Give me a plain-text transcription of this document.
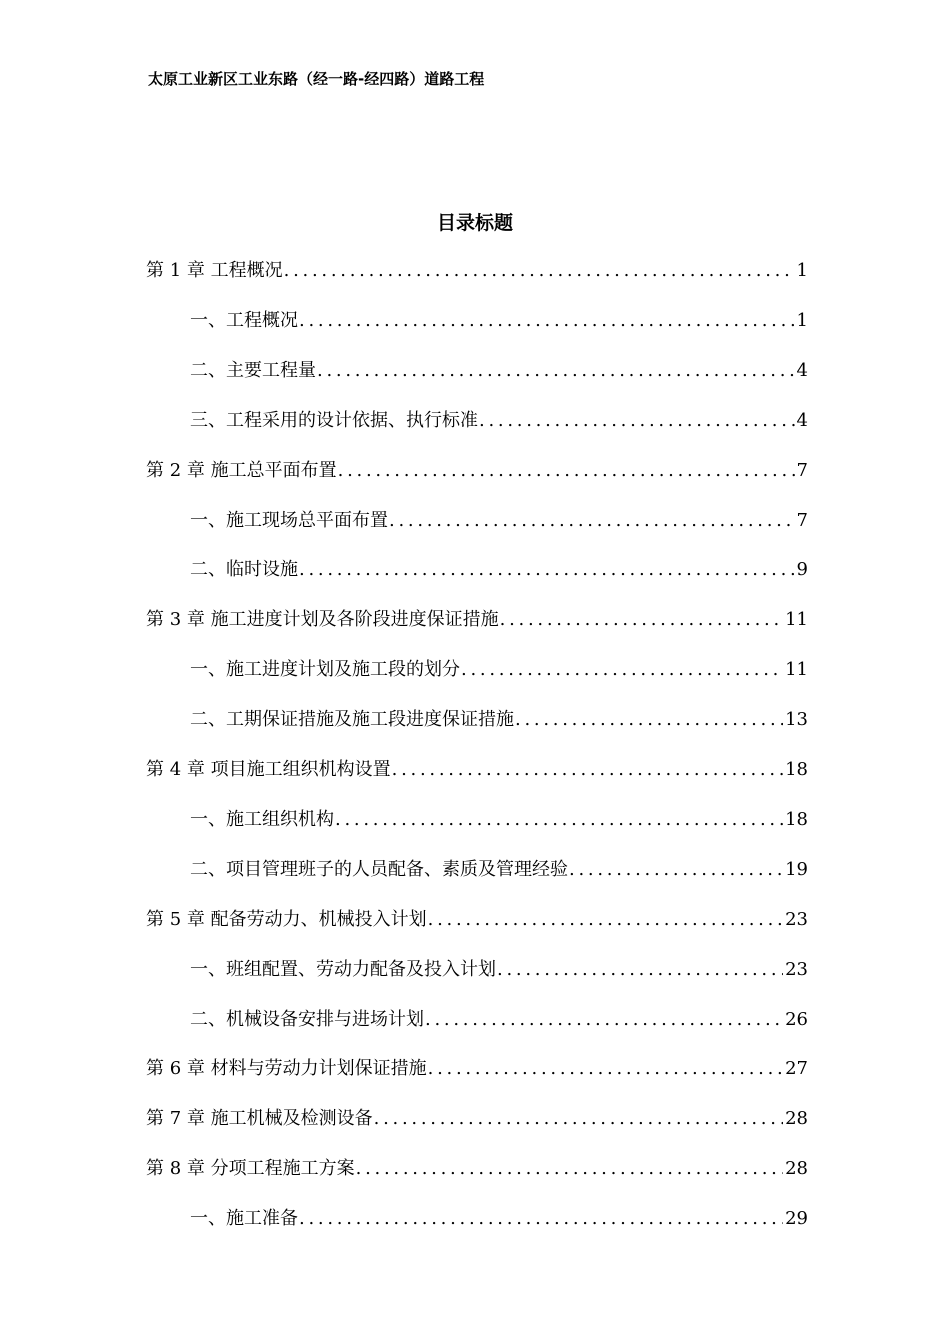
太原工业新区工业东路（经一路-经四路）道路工程
目录标题
第 1 章 工程概况 . . .	1
一、工程概况 . . .	1
二、主要工程量 . . .	4
三、工程采用的设计依据、执行标准 . . .	4
第 2 章 施工总平面布置 . . .	7
一、施工现场总平面布置 . . .	7
二、临时设施 . . .	9
第 3 章 施工进度计划及各阶段进度保证措施 . . .	11
一、施工进度计划及施工段的划分 . . .	11
二、工期保证措施及施工段进度保证措施 . . .	13
第 4 章 项目施工组织机构设置 . . .	18
一、施工组织机构 . . .	18
二、项目管理班子的人员配备、素质及管理经验 . . .	19
第 5 章 配备劳动力、机械投入计划 . . .	23
一、班组配置、劳动力配备及投入计划 . . .	23
二、机械设备安排与进场计划 . . .	26
第 6 章 材料与劳动力计划保证措施 . . .	27
第 7 章 施工机械及检测设备 . . .	28
第 8 章 分项工程施工方案 . . .	28
一、施工准备 . . .	29
